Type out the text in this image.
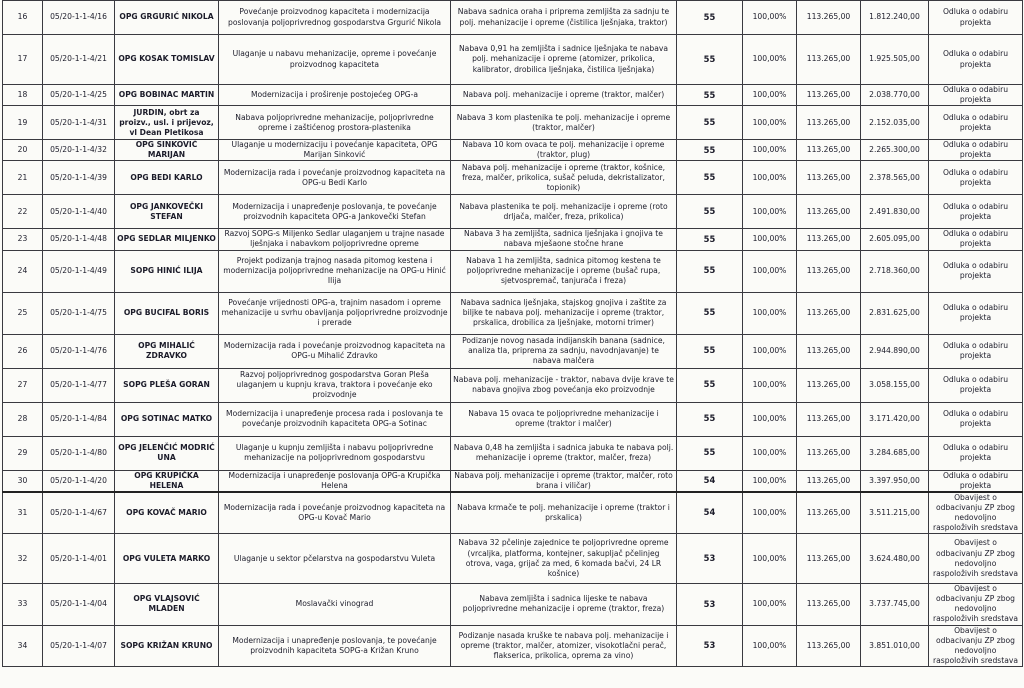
16	05/20-1-1-4/16	OPG GRGURIĆ NIKOLA	Povećanje proizvodnog kapaciteta i modernizacija poslovanja poljoprivrednog gospodarstva Grgurić Nikola	Nabava sadnica oraha i priprema zemljišta za sadnju te polj. mehanizacije i opreme (čistilica lješnjaka, traktor)	55	100,00%	113.265,00	1.812.240,00	Odluka o odabiru projekta
17	05/20-1-1-4/21	OPG KOSAK TOMISLAV	Ulaganje u nabavu mehanizacije, opreme i povećanje proizvodnog kapaciteta	Nabava 0,91 ha zemljišta i sadnice lješnjaka te nabava polj. mehanizacije i opreme (atomizer, prikolica, kalibrator, drobilica lješnjaka, čistilica lješnjaka)	55	100,00%	113.265,00	1.925.505,00	Odluka o odabiru projekta
18	05/20-1-1-4/25	OPG BOBINAC MARTIN	Modernizacija i proširenje postojećeg OPG-a	Nabava polj. mehanizacije i opreme (traktor, malčer)	55	100,00%	113.265,00	2.038.770,00	Odluka o odabiru projekta
19	05/20-1-1-4/31	JURDIN, obrt za proizv., usl. i prijevoz, vl Dean Pletikosa	Nabava poljoprivredne mehanizacije, poljoprivredne opreme i zaštićenog prostora-plastenika	Nabava 3 kom plastenika te polj. mehanizacije i opreme (traktor, malčer)	55	100,00%	113.265,00	2.152.035,00	Odluka o odabiru projekta
20	05/20-1-1-4/32	OPG SINKOVIĆ MARIJAN	Ulaganje u modernizaciju i povećanje kapaciteta, OPG Marijan Sinković	Nabava 10 kom ovaca te polj. mehanizacije i opreme (traktor, plug)	55	100,00%	113.265,00	2.265.300,00	Odluka o odabiru projekta
21	05/20-1-1-4/39	OPG BEDI KARLO	Modernizacija rada i povećanje proizvodnog kapaciteta na OPG-u Bedi Karlo	Nabava polj. mehanizacije i opreme (traktor, košnice, freza, malčer, prikolica, sušač peluda, dekristalizator, topionik)	55	100,00%	113.265,00	2.378.565,00	Odluka o odabiru projekta
22	05/20-1-1-4/40	OPG JANKOVEČKI STEFAN	Modernizacija i unapređenje poslovanja, te povećanje proizvodnih kapaciteta OPG-a Jankovečki Stefan	Nabava plastenika te polj. mehanizacije i opreme (roto drljača, malčer, freza, prikolica)	55	100,00%	113.265,00	2.491.830,00	Odluka o odabiru projekta
23	05/20-1-1-4/48	OPG SEDLAR MILJENKO	Razvoj SOPG-s Miljenko Sedlar ulaganjem u trajne nasade lješnjaka i nabavkom poljoprivredne opreme	Nabava 3 ha zemljišta, sadnica lješnjaka i gnojiva te nabava mješaone stočne hrane	55	100,00%	113.265,00	2.605.095,00	Odluka o odabiru projekta
24	05/20-1-1-4/49	SOPG HINIĆ ILIJA	Projekt podizanja trajnog nasada pitomog kestena i modernizacija poljoprivredne mehanizacije na OPG-u Hinić Ilija	Nabava 1 ha zemljišta, sadnica pitomog kestena te poljoprivredne mehanizacije i opreme (bušač rupa, sjetvospremač, tanjurača i freza)	55	100,00%	113.265,00	2.718.360,00	Odluka o odabiru projekta
25	05/20-1-1-4/75	OPG BUCIFAL BORIS	Povećanje vrijednosti OPG-a, trajnim nasadom i opreme mehanizacije u svrhu obavljanja poljoprivredne proizvodnje i prerade	Nabava sadnica lješnjaka, stajskog gnojiva i zaštite za biljke te nabava polj. mehanizacije i opreme (traktor, prskalica, drobilica za lješnjake, motorni trimer)	55	100,00%	113.265,00	2.831.625,00	Odluka o odabiru projekta
26	05/20-1-1-4/76	OPG MIHALIĆ ZDRAVKO	Modernizacija rada i povećanje proizvodnog kapaciteta na OPG-u Mihalić Zdravko	Podizanje novog nasada indijanskih banana (sadnice, analiza tla, priprema za sadnju, navodnjavanje) te nabava malčera	55	100,00%	113.265,00	2.944.890,00	Odluka o odabiru projekta
27	05/20-1-1-4/77	SOPG PLEŠA GORAN	Razvoj poljoprivrednog gospodarstva Goran Pleša ulaganjem u kupnju krava, traktora i povećanje eko proizvodnje	Nabava polj. mehanizacije - traktor, nabava dvije krave te nabava gnojiva zbog povećanja eko proizvodnje	55	100,00%	113.265,00	3.058.155,00	Odluka o odabiru projekta
28	05/20-1-1-4/84	OPG SOTINAC MATKO	Modernizacija i unapređenje procesa rada i poslovanja te povećanje proizvodnih kapaciteta OPG-a Sotinac	Nabava 15 ovaca te poljoprivredne mehanizacije i opreme (traktor i malčer)	55	100,00%	113.265,00	3.171.420,00	Odluka o odabiru projekta
29	05/20-1-1-4/80	OPG JELENČIĆ MODRIĆ UNA	Ulaganje u kupnju zemljišta i nabavu poljoprivredne mehanizacije na poljoprivrednom gospodarstvu	Nabava 0,48 ha zemljišta i sadnica jabuka te nabava polj. mehanizacije i opreme (traktor, malčer, freza)	55	100,00%	113.265,00	3.284.685,00	Odluka o odabiru projekta
30	05/20-1-1-4/20	OPG KRUPIČKA HELENA	Modernizacija i unapređenje poslovanja OPG-a Krupička Helena	Nabava polj. mehanizacije i opreme (traktor, malčer, roto brana i viličar)	54	100,00%	113.265,00	3.397.950,00	Odluka o odabiru projekta
31	05/20-1-1-4/67	OPG KOVAČ MARIO	Modernizacija rada i povećanje proizvodnog kapaciteta na OPG-u Kovač Mario	Nabava krmače te polj. mehanizacije i opreme (traktor i prskalica)	54	100,00%	113.265,00	3.511.215,00	Obavijest o odbacivanju ZP zbog nedovoljno raspoloživih sredstava
32	05/20-1-1-4/01	OPG VULETA MARKO	Ulaganje u sektor pčelarstva na gospodarstvu Vuleta	Nabava 32 pčelinje zajednice te poljoprivredne opreme (vrcaljka, platforma, kontejner, sakupljač pčelinjeg otrova, vaga, grijač za med, 6 komada bačvi, 24 LR košnice)	53	100,00%	113.265,00	3.624.480,00	Obavijest o odbacivanju ZP zbog nedovoljno raspoloživih sredstava
33	05/20-1-1-4/04	OPG VLAJSOVIĆ MLADEN	Moslavački vinograd	Nabava zemljišta i sadnica lijeske te nabava poljoprivredne mehanizacije i opreme (traktor, freza)	53	100,00%	113.265,00	3.737.745,00	Obavijest o odbacivanju ZP zbog nedovoljno raspoloživih sredstava
34	05/20-1-1-4/07	SOPG KRIŽAN KRUNO	Modernizacija i unapređenje poslovanja, te povećanje proizvodnih kapaciteta SOPG-a Križan Kruno	Podizanje nasada kruške te nabava polj. mehanizacije i opreme (traktor, malčer, atomizer, visokotlačni perač, flakserica, prikolica, oprema za vino)	53	100,00%	113.265,00	3.851.010,00	Obavijest o odbacivanju ZP zbog nedovoljno raspoloživih sredstava
